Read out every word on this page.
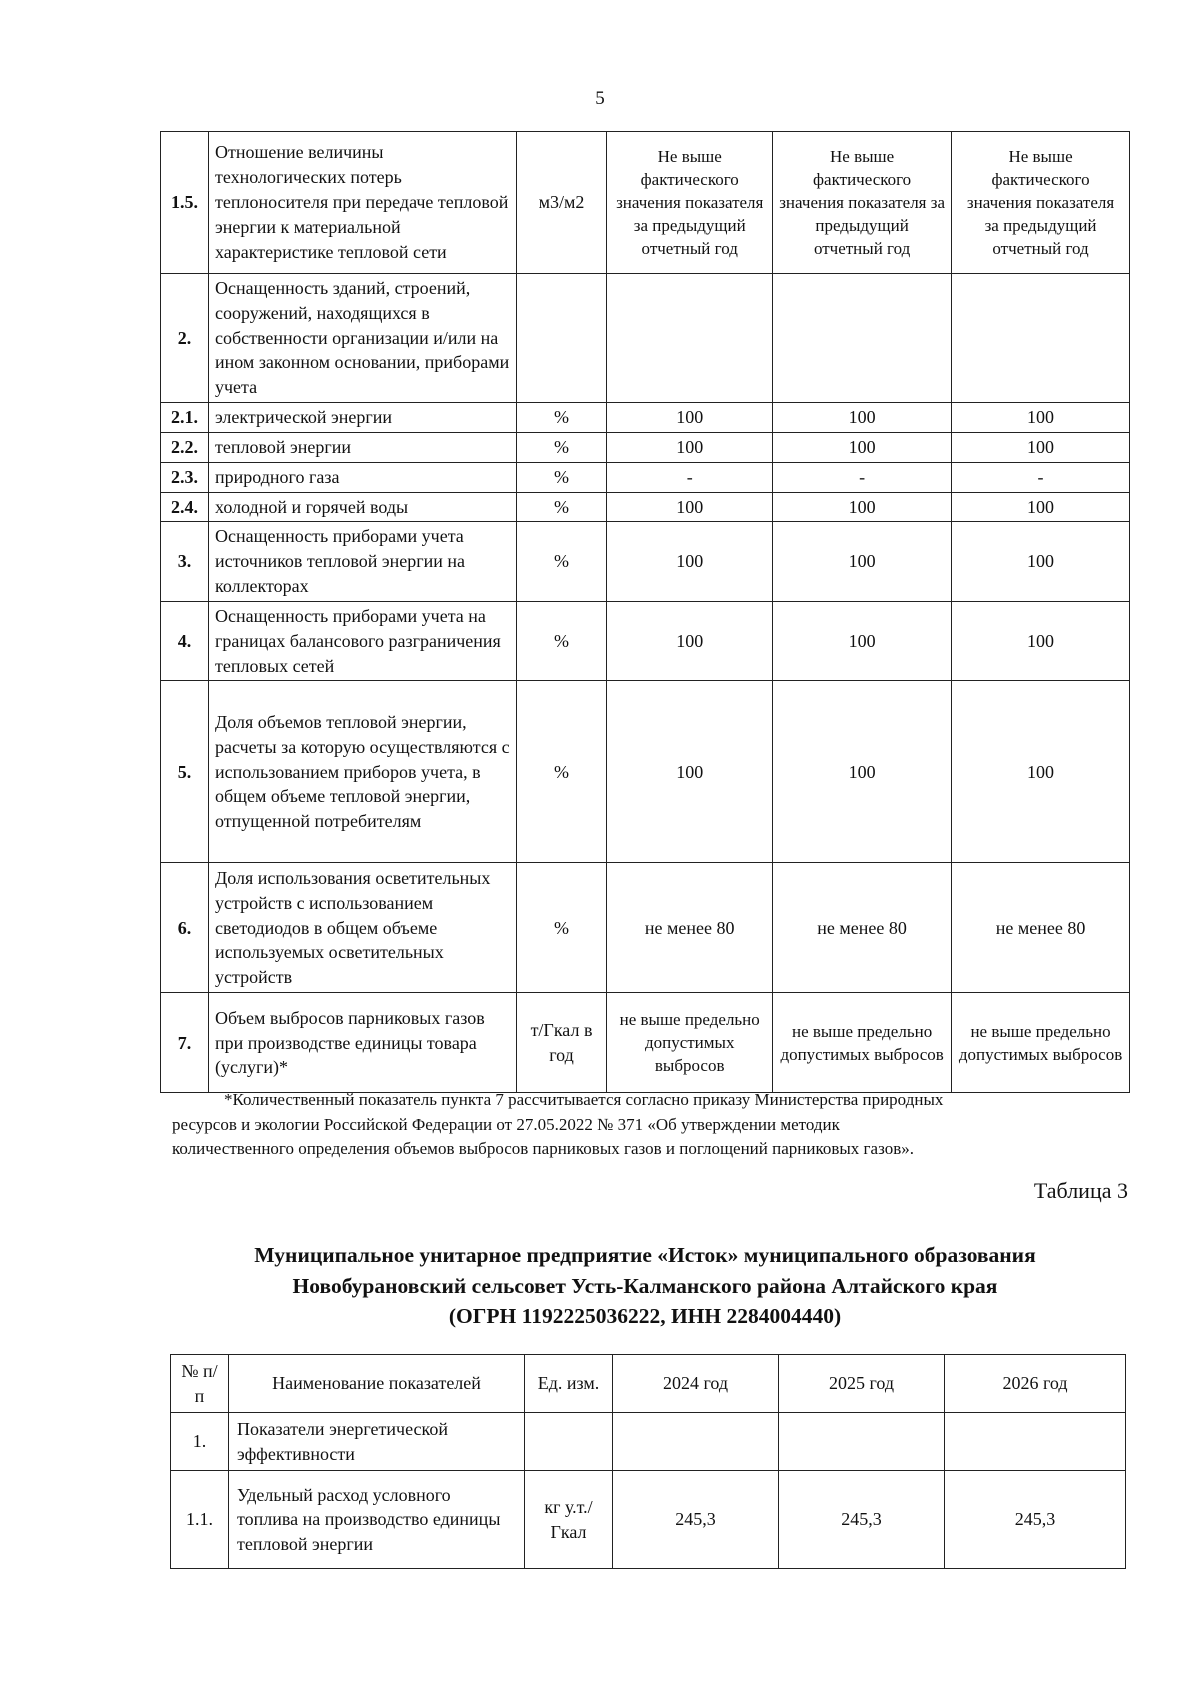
5
1.5.	Отношение величины технологических потерь теплоносителя при передаче тепловой энергии к материальной характеристике тепловой сети	м3/м2	Не выше фактического значения показателя за предыдущий отчетный год	Не выше фактического значения показателя за предыдущий отчетный год	Не выше фактического значения показателя за предыдущий отчетный год
2.	Оснащенность зданий, строений, сооружений, находящихся в собственности организации и/или на ином законном основании, приборами учета				
2.1.	электрической энергии	%	100	100	100
2.2.	тепловой энергии	%	100	100	100
2.3.	природного газа	%	-	-	-
2.4.	холодной и горячей воды	%	100	100	100
3.	Оснащенность приборами учета источников тепловой энергии на коллекторах	%	100	100	100
4.	Оснащенность приборами учета на границах балансового разграничения тепловых сетей	%	100	100	100
5.	Доля объемов тепловой энергии, расчеты за которую осуществляются с использованием приборов учета, в общем объеме тепловой энергии, отпущенной потребителям	%	100	100	100
6.	Доля использования осветительных устройств с использованием светодиодов в общем объеме используемых осветительных устройств	%	не менее 80	не менее 80	не менее 80
7.	Объем выбросов парниковых газов при производстве единицы товара (услуги)*	т/Гкал в год	не выше предельно допустимых выбросов	не выше предельно допустимых выбросов	не выше предельно допустимых выбросов
*Количественный показатель пункта 7 рассчитывается согласно приказу Министерства природных
ресурсов и экологии Российской Федерации от 27.05.2022 № 371 «Об утверждении методик
количественного определения объемов выбросов парниковых газов и поглощений парниковых газов».
Таблица 3
Муниципальное унитарное предприятие «Исток» муниципального образования
Новобурановский сельсовет Усть-Калманского района Алтайского края
(ОГРН 1192225036222, ИНН 2284004440)
№ п/п	Наименование показателей	Ед. изм.	2024 год	2025 год	2026 год
1.	Показатели энергетической эффективности				
1.1.	Удельный расход условного топлива на производство единицы тепловой энергии	кг у.т./ Гкал	245,3	245,3	245,3
